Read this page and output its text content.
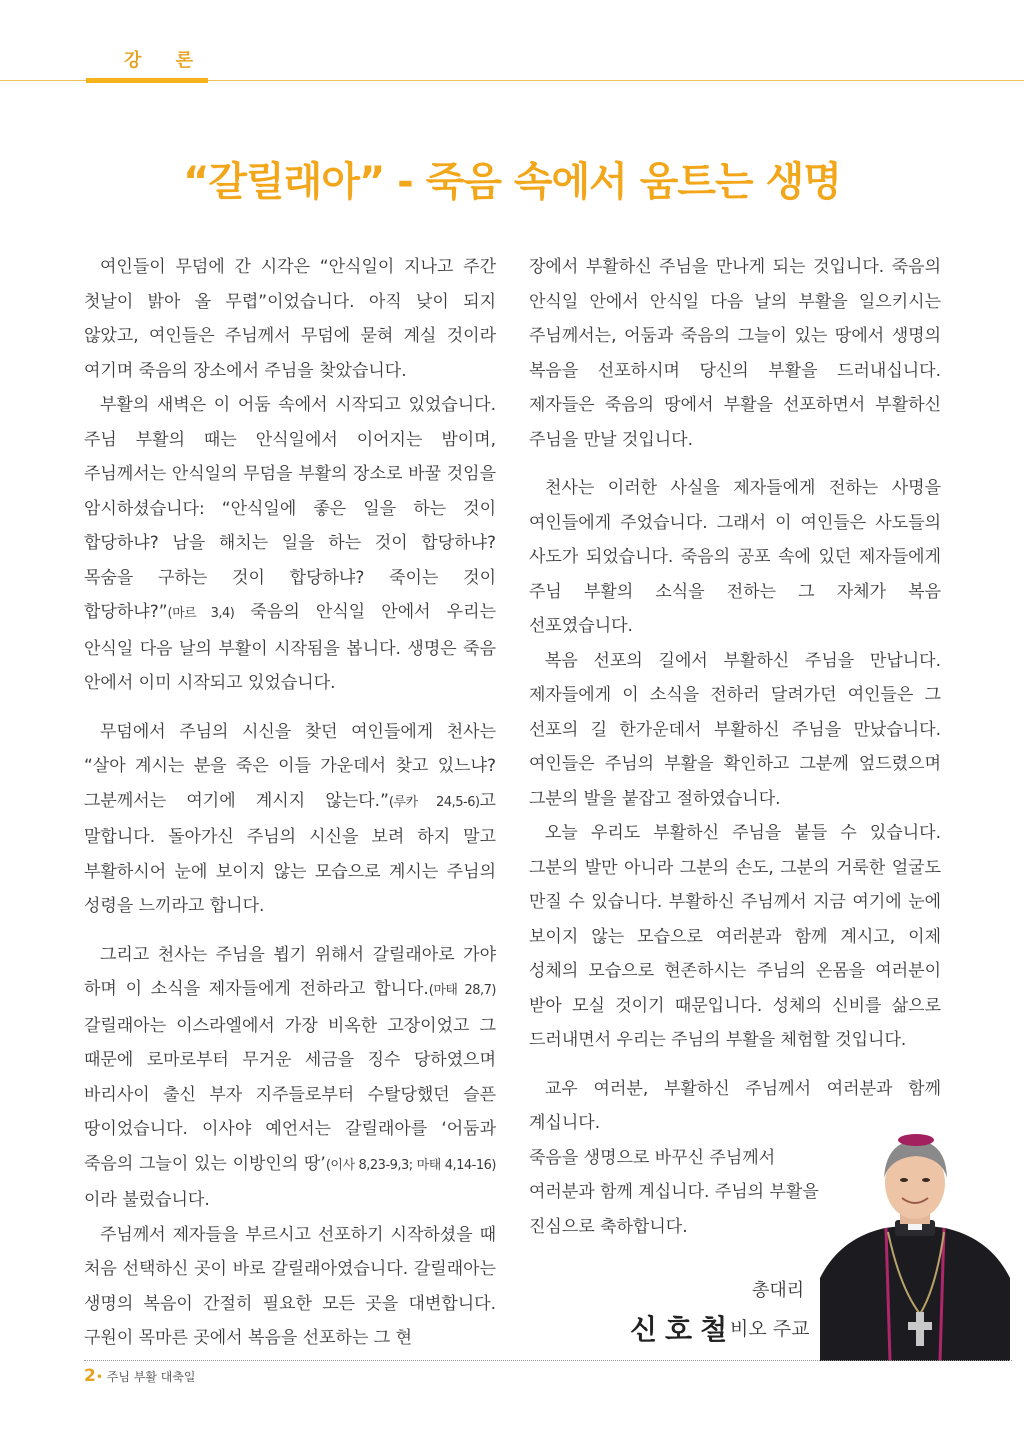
강 론
“갈릴래아” - 죽음 속에서 움트는 생명

여인들이 무덤에 간 시각은 “안식일이 지나고 주간 첫날이 밝아 올 무렵”이었습니다. 아직 낮이 되지 않았고, 여인들은 주님께서 무덤에 묻혀 계실 것이라 여기며 죽음의 장소에서 주님을 찾았습니다.

부활의 새벽은 이 어둠 속에서 시작되고 있었습니다. 주님 부활의 때는 안식일에서 이어지는 밤이며, 주님께서는 안식일의 무덤을 부활의 장소로 바꿀 것임을 암시하셨습니다: “안식일에 좋은 일을 하는 것이 합당하냐? 남을 해치는 일을 하는 것이 합당하냐? 목숨을 구하는 것이 합당하냐? 죽이는 것이 합당하냐?”(마르 3,4) 죽음의 안식일 안에서 우리는 안식일 다음 날의 부활이 시작됨을 봅니다. 생명은 죽음 안에서 이미 시작되고 있었습니다.

무덤에서 주님의 시신을 찾던 여인들에게 천사는 “살아 계시는 분을 죽은 이들 가운데서 찾고 있느냐? 그분께서는 여기에 계시지 않는다.”(루카 24,5-6)고 말합니다. 돌아가신 주님의 시신을 보려 하지 말고 부활하시어 눈에 보이지 않는 모습으로 계시는 주님의 성령을 느끼라고 합니다.

그리고 천사는 주님을 뵙기 위해서 갈릴래아로 가야 하며 이 소식을 제자들에게 전하라고 합니다.(마태 28,7) 갈릴래아는 이스라엘에서 가장 비옥한 고장이었고 그 때문에 로마로부터 무거운 세금을 징수 당하였으며 바리사이 출신 부자 지주들로부터 수탈당했던 슬픈 땅이었습니다. 이사야 예언서는 갈릴래아를 ‘어둠과 죽음의 그늘이 있는 이방인의 땅’(이사 8,23-9,3; 마태 4,14-16)이라 불렀습니다.

주님께서 제자들을 부르시고 선포하기 시작하셨을 때 처음 선택하신 곳이 바로 갈릴래아였습니다. 갈릴래아는 생명의 복음이 간절히 필요한 모든 곳을 대변합니다. 구원이 목마른 곳에서 복음을 선포하는 그 현

장에서 부활하신 주님을 만나게 되는 것입니다. 죽음의 안식일 안에서 안식일 다음 날의 부활을 일으키시는 주님께서는, 어둠과 죽음의 그늘이 있는 땅에서 생명의 복음을 선포하시며 당신의 부활을 드러내십니다. 제자들은 죽음의 땅에서 부활을 선포하면서 부활하신 주님을 만날 것입니다.

천사는 이러한 사실을 제자들에게 전하는 사명을 여인들에게 주었습니다. 그래서 이 여인들은 사도들의 사도가 되었습니다. 죽음의 공포 속에 있던 제자들에게 주님 부활의 소식을 전하는 그 자체가 복음 선포였습니다.

복음 선포의 길에서 부활하신 주님을 만납니다. 제자들에게 이 소식을 전하러 달려가던 여인들은 그 선포의 길 한가운데서 부활하신 주님을 만났습니다. 여인들은 주님의 부활을 확인하고 그분께 엎드렸으며 그분의 발을 붙잡고 절하였습니다.

오늘 우리도 부활하신 주님을 붙들 수 있습니다. 그분의 발만 아니라 그분의 손도, 그분의 거룩한 얼굴도 만질 수 있습니다. 부활하신 주님께서 지금 여기에 눈에 보이지 않는 모습으로 여러분과 함께 계시고, 이제 성체의 모습으로 현존하시는 주님의 온몸을 여러분이 받아 모실 것이기 때문입니다. 성체의 신비를 삶으로 드러내면서 우리는 주님의 부활을 체험할 것입니다.

교우 여러분, 부활하신 주님께서 여러분과 함께 계십니다.

죽음을 생명으로 바꾸신 주님께서

여러분과 함께 계십니다. 주님의 부활을

진심으로 축하합니다.

총대리
신호철
비오 주교
2• 주님 부활 대축일
